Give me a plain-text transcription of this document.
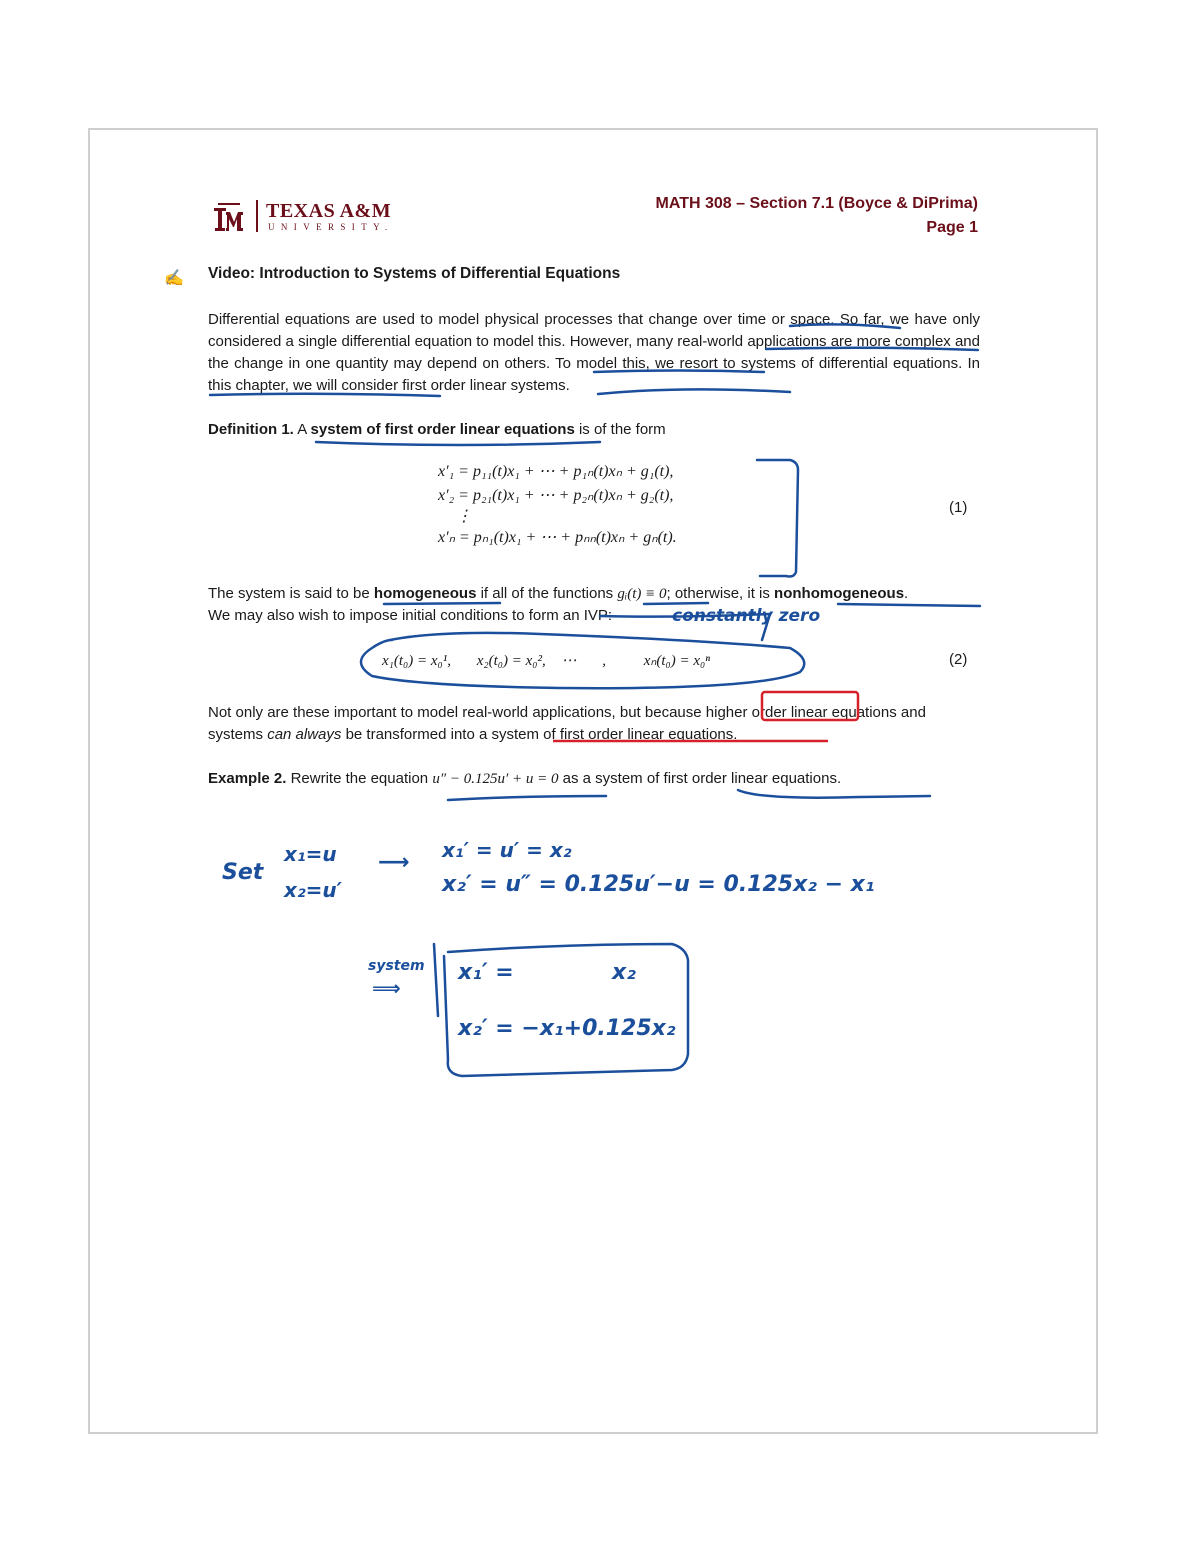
TEXAS A&M
UNIVERSITY.
MATH 308 – Section 7.1 (Boyce & DiPrima)
Page 1
✍ Video: Introduction to Systems of Differential Equations

Differential equations are used to model physical processes that change over time or space. So far, we have only considered a single differential equation to model this. However, many real-world applications are more complex and the change in one quantity may depend on others. To model this, we resort to systems of differential equations. In this chapter, we will consider first order linear systems.

Definition 1. A system of first order linear equations is of the form

x′₁ = p₁₁(t)x₁ + ⋯ + p₁ₙ(t)xₙ + g₁(t),
x′₂ = p₂₁(t)x₁ + ⋯ + p₂ₙ(t)xₙ + g₂(t),
⋮
x′ₙ = pₙ₁(t)x₁ + ⋯ + pₙₙ(t)xₙ + gₙ(t).
(1)

The system is said to be homogeneous if all of the functions gᵢ(t) ≡ 0; otherwise, it is nonhomogeneous.

We may also wish to impose initial conditions to form an IVP:

x₁(t₀) = x₀¹, x₂(t₀) = x₀², ⋯ ,	xₙ(t₀) = x₀ⁿ	(2)

Not only are these important to model real-world applications, but because higher order linear equations and systems can always be transformed into a system of first order linear equations.

Example 2. Rewrite the equation u″ − 0.125u′ + u = 0 as a system of first order linear equations.

constantly zero
Set
x₁=u
x₂=u′
⟶ x₁′ = u′ = x₂
x₂′ = u″ = 0.125u′−u = 0.125x₂ − x₁
system
⟹
x₁′ =	x₂
x₂′ = −x₁+0.125x₂
